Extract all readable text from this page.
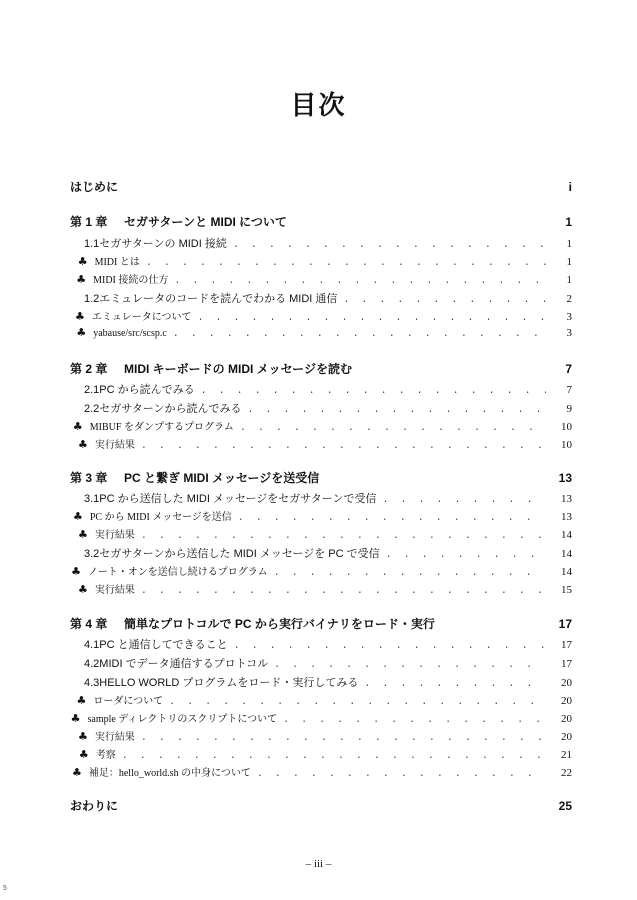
目次
はじめに	i
第 1 章	セガサターンと MIDI について	1
1.1 セガサターンの MIDI 接続 . . .	1
♣ MIDI とは . . .	1
♣ MIDI 接続の仕方 . . .	1
1.2 エミュレータのコードを読んでわかる MIDI 通信 . . .	2
♣ エミュレータについて . . .	3
♣ yabause/src/scsp.c . . .	3
第 2 章	MIDI キーボードの MIDI メッセージを読む	7
2.1 PC から読んでみる . . .	7
2.2 セガサターンから読んでみる . . .	9
♣ MIBUF をダンプするプログラム . . .	10
♣ 実行結果 . . .	10
第 3 章	PC と繋ぎ MIDI メッセージを送受信	13
3.1 PC から送信した MIDI メッセージをセガサターンで受信 . . .	13
♣ PC から MIDI メッセージを送信 . . .	13
♣ 実行結果 . . .	14
3.2 セガサターンから送信した MIDI メッセージを PC で受信 . . .	14
♣ ノート・オンを送信し続けるプログラム . . .	14
♣ 実行結果 . . .	15
第 4 章	簡単なプロトコルで PC から実行バイナリをロード・実行	17
4.1 PC と通信してできること . . .	17
4.2 MIDI でデータ通信するプロトコル . . .	17
4.3 HELLO WORLD プログラムをロード・実行してみる . . .	20
♣ ローダについて . . .	20
♣ sample ディレクトリのスクリプトについて . . .	20
♣ 実行結果 . . .	20
♣ 考察 . . .	21
♣ 補足：hello_world.sh の中身について . . .	22
おわりに	25
– iii –
5
